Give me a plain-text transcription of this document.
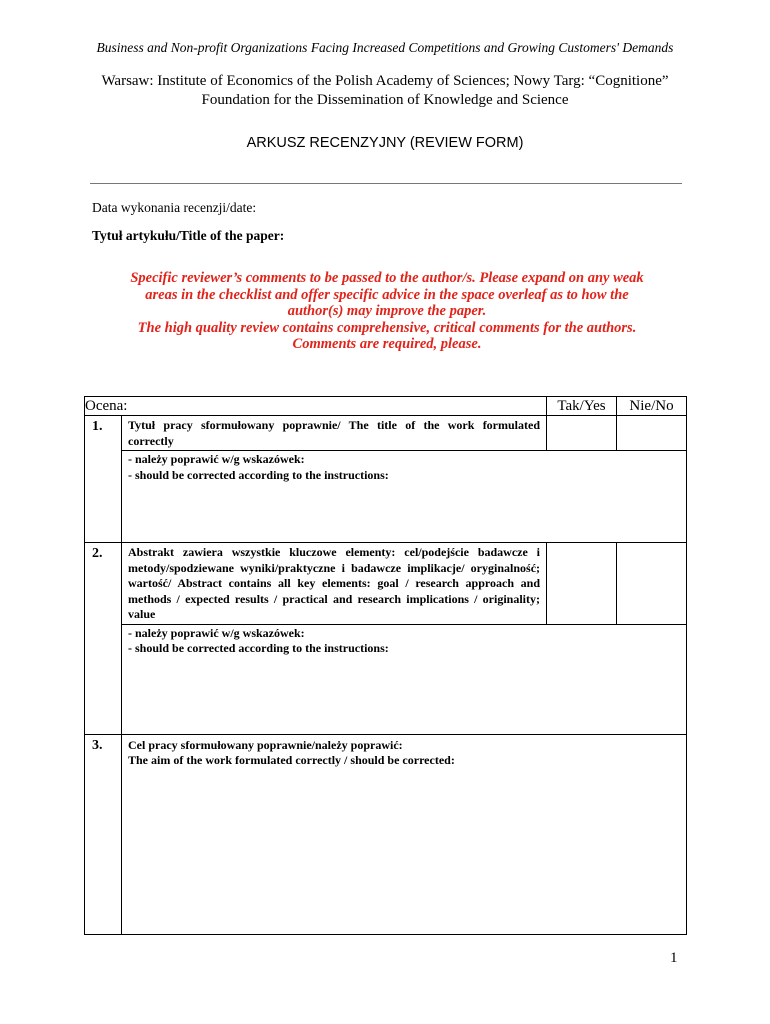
Business and Non-profit Organizations Facing Increased Competitions and Growing Customers' Demands
Warsaw: Institute of Economics of the Polish Academy of Sciences; Nowy Targ: “Cognitione”
Foundation for the Dissemination of Knowledge and Science
ARKUSZ RECENZYJNY (REVIEW FORM)
Data wykonania recenzji/date:
Tytuł artykułu/Title of the paper:
Specific reviewer’s comments to be passed to the author/s. Please expand on any weak
areas in the checklist and offer specific advice in the space overleaf as to how the
author(s) may improve the paper.
The high quality review contains comprehensive, critical comments for the authors.
Comments are required, please.
Ocena:		Tak/Yes	Nie/No
1.	Tytuł pracy sformułowany poprawnie/ The title of the work formulated correctly		

	- należy poprawić w/g wskazówek:
- should be corrected according to the instructions:		

2.	Abstrakt zawiera wszystkie kluczowe elementy: cel/podejście badawcze i metody/spodziewane wyniki/praktyczne i badawcze implikacje/ oryginalność; wartość/ Abstract contains all key elements: goal / research approach and methods / expected results / practical and research implications / originality; value		

	- należy poprawić w/g wskazówek:
- should be corrected according to the instructions:		

3.	Cel pracy sformułowany poprawnie/należy poprawić:
The aim of the work formulated correctly / should be corrected:		
1
